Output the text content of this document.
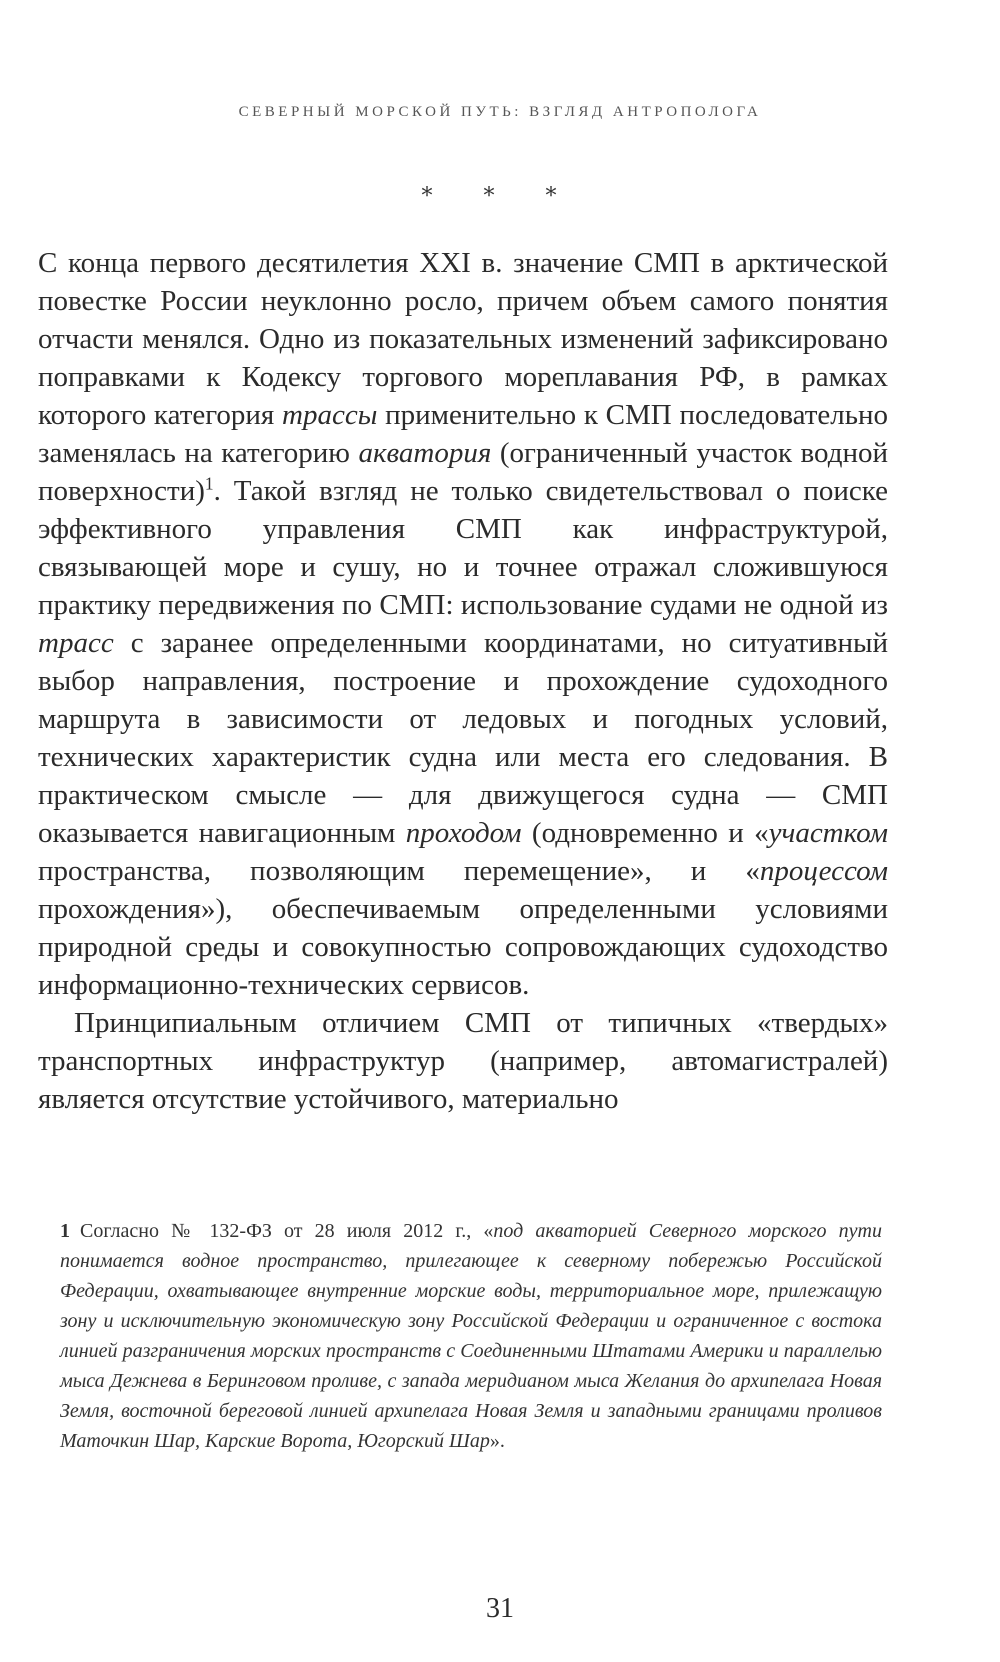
СЕВЕРНЫЙ МОРСКОЙ ПУТЬ: ВЗГЛЯД АНТРОПОЛОГА
* * *

С конца первого десятилетия XXI в. значение СМП в арктической повестке России неуклонно росло, причем объем самого понятия отчасти менялся. Одно из показательных изменений зафиксировано поправками к Кодексу торгового мореплавания РФ, в рамках которого категория трассы применительно к СМП последовательно заменялась на категорию акватория (ограниченный участок водной поверхности)$^1$. Такой взгляд не только свидетельствовал о поиске эффективного управления СМП как инфраструктурой, связывающей море и сушу, но и точнее отражал сложившуюся практику передвижения по СМП: использование судами не одной из трасс с заранее определенными координатами, но ситуативный выбор направления, построение и прохождение судоходного маршрута в зависимости от ледовых и погодных условий, технических характеристик судна или места его следования. В практическом смысле — для движущегося судна — СМП оказывается навигационным проходом (одновременно и «участком пространства, позволяющим перемещение», и «процессом прохождения»), обеспечиваемым определенными условиями природной среды и совокупностью сопровождающих судоходство информационно-технических сервисов.

Принципиальным отличием СМП от типичных «твердых» транспортных инфраструктур (например, автомагистралей) является отсутствие устойчивого, материально

1 Согласно № 132-ФЗ от 28 июля 2012 г., «под акваторией Северного морского пути понимается водное пространство, прилегающее к северному побережью Российской Федерации, охватывающее внутренние морские воды, территориальное море, прилежащую зону и исключительную экономическую зону Российской Федерации и ограниченное с востока линией разграничения морских пространств с Соединенными Штатами Америки и параллелью мыса Дежнева в Беринговом проливе, с запада меридианом мыса Желания до архипелага Новая Земля, восточной береговой линией архипелага Новая Земля и западными границами проливов Маточкин Шар, Карские Ворота, Югорский Шар».
31
